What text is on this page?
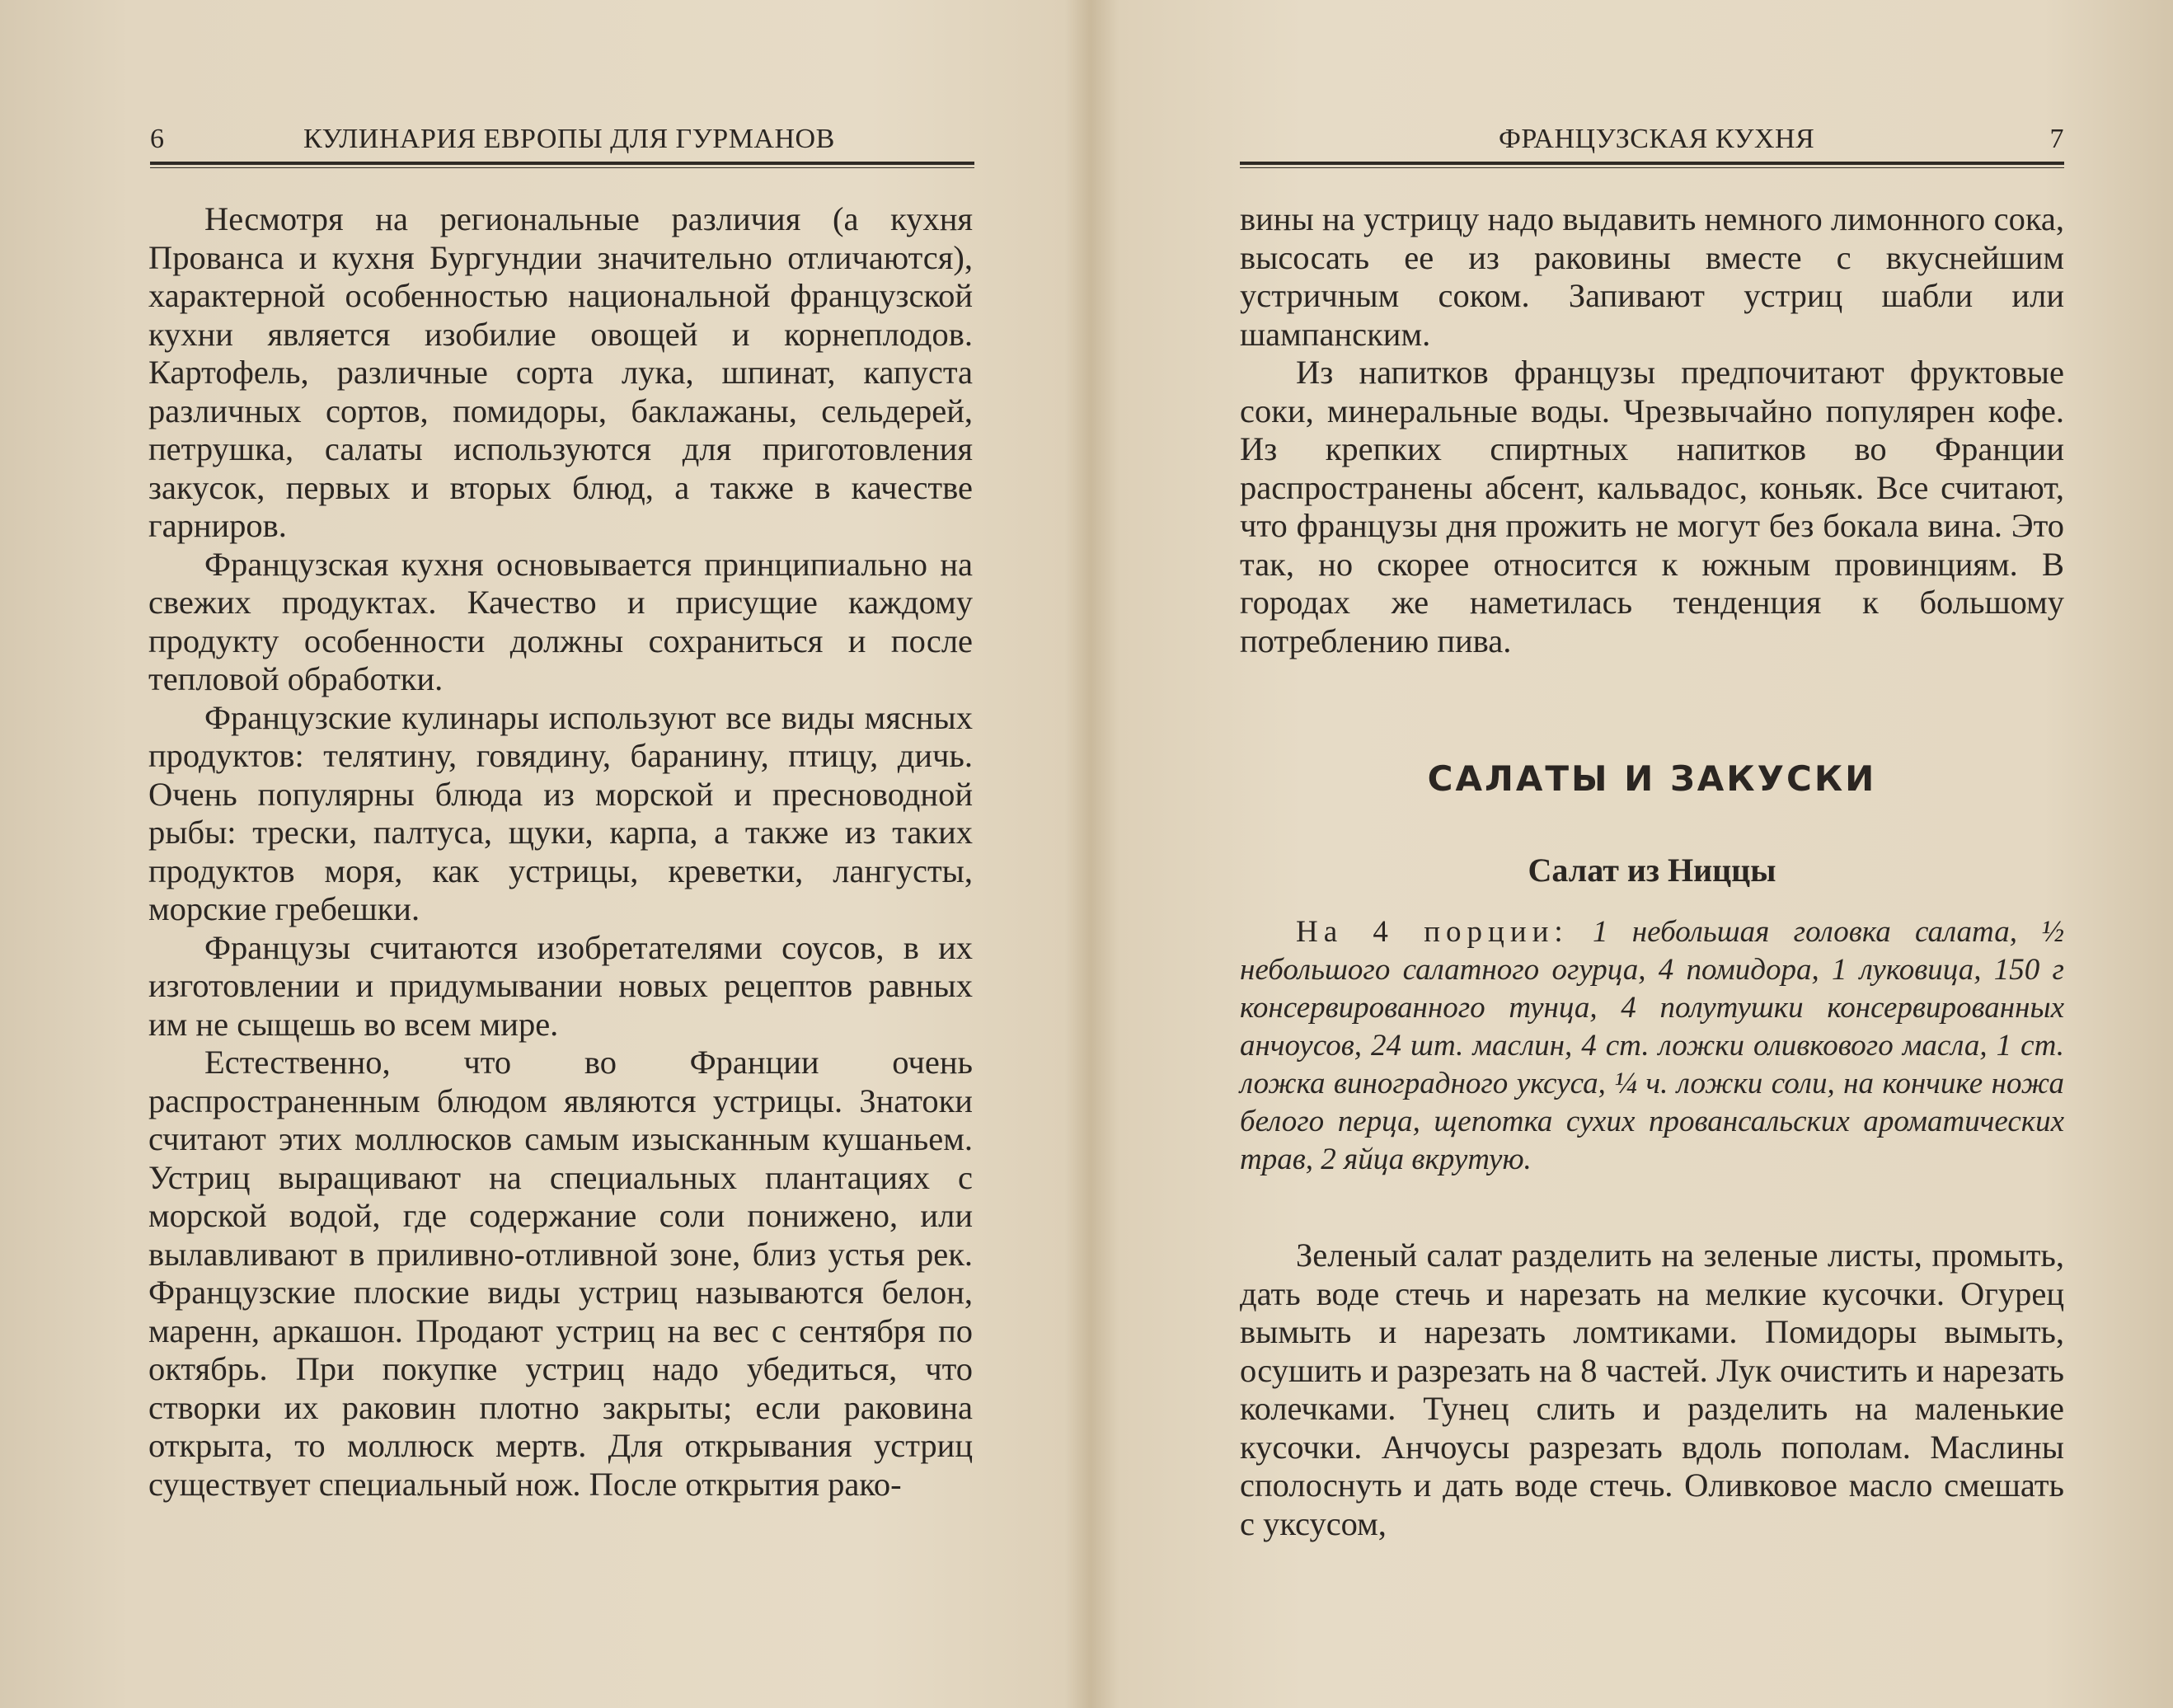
6	КУЛИНАРИЯ ЕВРОПЫ ДЛЯ ГУРМАНОВ

Несмотря на региональные различия (а кухня Прованса и кухня Бургундии значительно отличаются), характерной особенностью национальной французской кухни является изобилие овощей и корнеплодов. Картофель, различные сорта лука, шпинат, капуста различных сортов, помидоры, баклажаны, сельдерей, петрушка, салаты используются для приготовления закусок, первых и вторых блюд, а также в качестве гарниров.

Французская кухня основывается принципиально на свежих продуктах. Качество и присущие каждому продукту особенности должны сохраниться и после тепловой обработки.

Французские кулинары используют все виды мясных продуктов: телятину, говядину, баранину, птицу, дичь. Очень популярны блюда из морской и пресноводной рыбы: трески, палтуса, щуки, карпа, а также из таких продуктов моря, как устрицы, креветки, лангусты, морские гребешки.

Французы считаются изобретателями соусов, в их изготовлении и придумывании новых рецептов равных им не сыщешь во всем мире.

Естественно, что во Франции очень распространенным блюдом являются устрицы. Знатоки считают этих моллюсков самым изысканным кушаньем. Устриц выращивают на специальных плантациях с морской водой, где содержание соли понижено, или вылавливают в приливно-отливной зоне, близ устья рек. Французские плоские виды устриц называются белон, маренн, аркашон. Продают устриц на вес с сентября по октябрь. При покупке устриц надо убедиться, что створки их раковин плотно закрыты; если раковина открыта, то моллюск мертв. Для открывания устриц существует специальный нож. После открытия рако-

ФРАНЦУЗСКАЯ КУХНЯ	7

вины на устрицу надо выдавить немного лимонного сока, высосать ее из раковины вместе с вкуснейшим устричным соком. Запивают устриц шабли или шампанским.

Из напитков французы предпочитают фруктовые соки, минеральные воды. Чрезвычайно популярен кофе. Из крепких спиртных напитков во Франции распространены абсент, кальвадос, коньяк. Все считают, что французы дня прожить не могут без бокала вина. Это так, но скорее относится к южным провинциям. В городах же наметилась тенденция к большому потреблению пива.

САЛАТЫ И ЗАКУСКИ
Салат из Ниццы
На 4 порции: 1 небольшая головка салата, ½ небольшого салатного огурца, 4 помидора, 1 луковица, 150 г консервированного тунца, 4 полутушки консервированных анчоусов, 24 шт. маслин, 4 ст. ложки оливкового масла, 1 ст. ложка виноградного уксуса, ¼ ч. ложки соли, на кончике ножа белого перца, щепотка сухих провансальских ароматических трав, 2 яйца вкрутую.

Зеленый салат разделить на зеленые листы, промыть, дать воде стечь и нарезать на мелкие кусочки. Огурец вымыть и нарезать ломтиками. Помидоры вымыть, осушить и разрезать на 8 частей. Лук очистить и нарезать колечками. Тунец слить и разделить на маленькие кусочки. Анчоусы разрезать вдоль пополам. Маслины сполоснуть и дать воде стечь. Оливковое масло смешать с уксусом,
